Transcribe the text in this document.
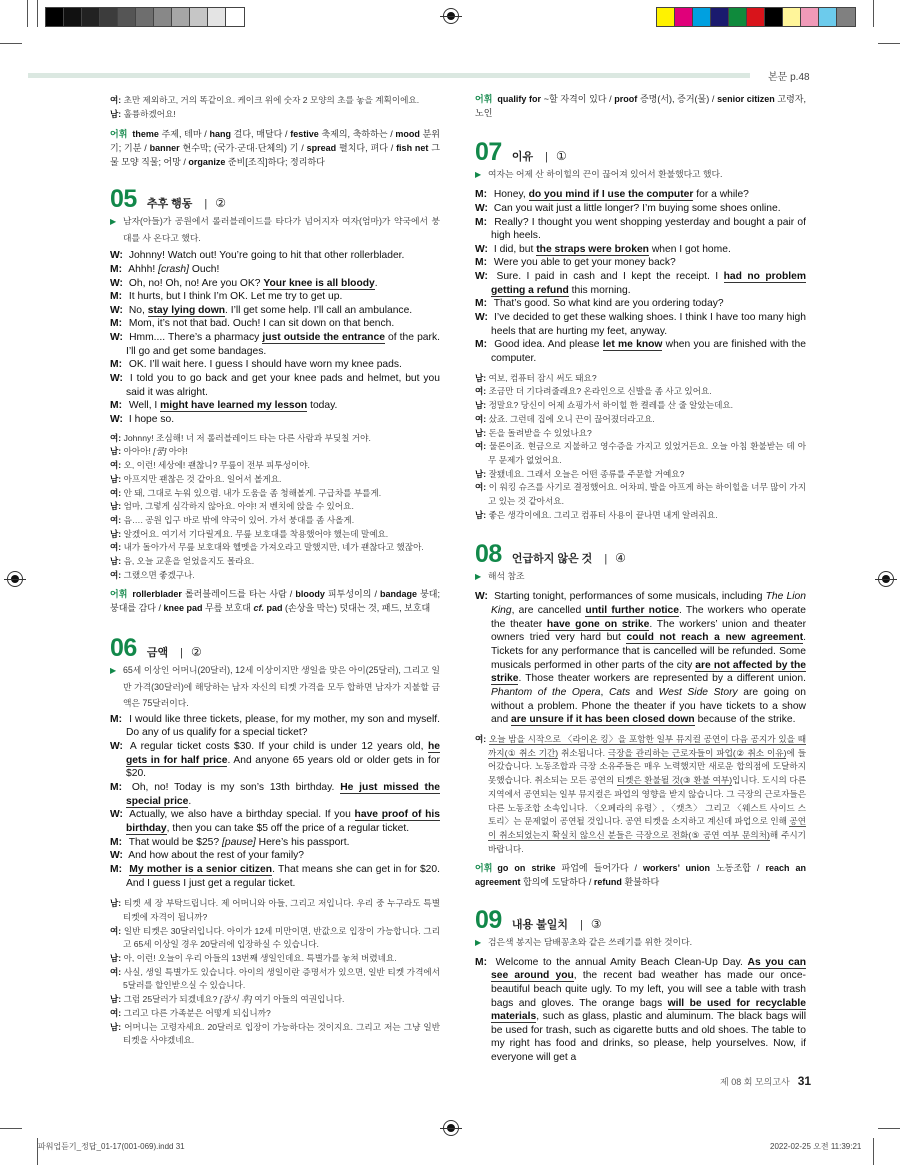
본문 p.48
여: 초만 제외하고, 거의 똑같이요. 케이크 위에 숫자 2 모양의 초를 놓을 계획이에요.
남: 훌륭하겠어요!
어휘 theme 주제, 테마 / hang 걸다, 매달다 / festive 축제의, 축하하는 / mood 분위기; 기분 / banner 현수막; (국가·군대·단체의) 기 / spread 펼치다, 펴다 / fish net 그물 모양 직물; 어망 / organize 준비[조직]하다; 정리하다
05 추후 행동 | ②
▶ 남자(아들)가 공원에서 롤러블레이드를 타다가 넘어지자 여자(엄마)가 약국에서 붕대를 사 온다고 했다.
W: Johnny! Watch out! You’re going to hit that other rollerblader.
M: Ahhh! [crash] Ouch!
W: Oh, no! Oh, no! Are you OK? Your knee is all bloody.
M: It hurts, but I think I’m OK. Let me try to get up.
W: No, stay lying down. I’ll get some help. I’ll call an ambulance.
M: Mom, it’s not that bad. Ouch! I can sit down on that bench.
W: Hmm.... There’s a pharmacy just outside the entrance of the park. I’ll go and get some bandages.
M: OK. I’ll wait here. I guess I should have worn my knee pads.
W: I told you to go back and get your knee pads and helmet, but you said it was alright.
M: Well, I might have learned my lesson today.
W: I hope so.
여: Johnny! 조심해! 너 저 롤러블레이드 타는 다른 사람과 부딪칠 거야.
남: 아아아! [쿵] 아야!
여: 오, 이런! 세상에! 괜찮니? 무릎이 전부 피투성이야.
남: 아프지만 괜찮은 것 같아요. 일어서 볼게요.
여: 안 돼, 그대로 누워 있으렴. 내가 도움을 좀 청해볼게. 구급차를 부를게.
남: 엄마, 그렇게 심각하지 않아요. 아야! 저 벤치에 앉을 수 있어요.
여: 음…. 공원 입구 바로 밖에 약국이 있어. 가서 붕대를 좀 사올게.
남: 알겠어요. 여기서 기다릴게요. 무릎 보호대를 착용했어야 했는데 말예요.
여: 내가 돌아가서 무릎 보호대와 헬멧을 가져오라고 말했지만, 네가 괜찮다고 했잖아.
남: 음, 오늘 교훈을 얻었을지도 몰라요.
여: 그랬으면 좋겠구나.
어휘 rollerblader 롤러블레이드를 타는 사람 / bloody 피투성이의 / bandage 붕대; 붕대를 감다 / knee pad 무릎 보호대 cf. pad (손상을 막는) 덧대는 것, 패드, 보호대
06 금액 | ②
▶ 65세 이상인 어머니(20달러), 12세 이상이지만 생일을 맞은 아이(25달러), 그리고 일반 가격(30달러)에 해당하는 남자 자신의 티켓 가격을 모두 합하면 남자가 지불할 금액은 75달러이다.
M: I would like three tickets, please, for my mother, my son and myself. Do any of us qualify for a special ticket?
W: A regular ticket costs $30. If your child is under 12 years old, he gets in for half price. And anyone 65 years old or older gets in for $20.
M: Oh, no! Today is my son’s 13th birthday. He just missed the special price.
W: Actually, we also have a birthday special. If you have proof of his birthday, then you can take $5 off the price of a regular ticket.
M: That would be $25? [pause] Here’s his passport.
W: And how about the rest of your family?
M: My mother is a senior citizen. That means she can get in for $20. And I guess I just get a regular ticket.
남: 티켓 세 장 부탁드립니다. 제 어머니와 아들, 그리고 저입니다. 우리 중 누구라도 특별 티켓에 자격이 됩니까?
여: 일반 티켓은 30달러입니다. 아이가 12세 미만이면, 반값으로 입장이 가능합니다. 그리고 65세 이상일 경우 20달러에 입장하실 수 있습니다.
남: 아, 이런! 오늘이 우리 아들의 13번째 생일인데요. 특별가를 놓쳐 버렸네요.
여: 사실, 생일 특별가도 있습니다. 아이의 생일이란 증명서가 있으면, 일반 티켓 가격에서 5달러를 할인받으실 수 있습니다.
남: 그럼 25달러가 되겠네요? [잠시 후] 여기 아들의 여권입니다.
여: 그리고 다른 가족분은 어떻게 되십니까?
남: 어머니는 고령자세요. 20달러로 입장이 가능하다는 것이지요. 그리고 저는 그냥 일반 티켓을 사야겠네요.
어휘 qualify for ~할 자격이 있다 / proof 증명(서), 증거(물) / senior citizen 고령자, 노인
07 이유 | ①
▶ 여자는 어제 산 하이힐의 끈이 끊어져 있어서 환불했다고 했다.
M: Honey, do you mind if I use the computer for a while?
W: Can you wait just a little longer? I’m buying some shoes online.
M: Really? I thought you went shopping yesterday and bought a pair of high heels.
W: I did, but the straps were broken when I got home.
M: Were you able to get your money back?
W: Sure. I paid in cash and I kept the receipt. I had no problem getting a refund this morning.
M: That’s good. So what kind are you ordering today?
W: I’ve decided to get these walking shoes. I think I have too many high heels that are hurting my feet, anyway.
M: Good idea. And please let me know when you are finished with the computer.
남: 여보, 컴퓨터 잠시 써도 돼요?
여: 조금만 더 기다려줄래요? 온라인으로 신발을 좀 사고 있어요.
남: 정말요? 당신이 어제 쇼핑가서 하이힐 한 켤레를 산 줄 알았는데요.
여: 샀죠. 그런데 집에 오니 끈이 끊어졌더라고요.
남: 돈을 돌려받을 수 있었나요?
여: 물론이죠. 현금으로 지불하고 영수증을 가지고 있었거든요. 오늘 아침 환불받는 데 아무 문제가 없었어요.
남: 잘됐네요. 그래서 오늘은 어떤 종류를 주문할 거예요?
여: 이 워킹 슈즈를 사기로 결정했어요. 어차피, 발을 아프게 하는 하이힐을 너무 많이 가지고 있는 것 같아서요.
남: 좋은 생각이에요. 그리고 컴퓨터 사용이 끝나면 내게 알려줘요.
08 언급하지 않은 것 | ④
▶ 해석 참조
W: Starting tonight, performances of some musicals, including The Lion King, are cancelled until further notice. The workers who operate the theater have gone on strike. The workers’ union and theater owners tried very hard but could not reach a new agreement. Tickets for any performance that is cancelled will be refunded. Some musicals performed in other parts of the city are not affected by the strike. Those theater workers are represented by a different union. Phantom of the Opera, Cats and West Side Story are going on without a problem. Phone the theater if you have tickets to a show and are unsure if it has been closed down because of the strike.
여: 오늘 밤을 시작으로 〈라이온 킹〉을 포함한 일부 뮤지컬 공연이 다음 공지가 있을 때까지(① 취소 기간) 취소됩니다. 극장을 관리하는 근로자들이 파업(② 취소 이유)에 들어갔습니다. 노동조합과 극장 소유주들은 매우 노력했지만 새로운 합의점에 도달하지 못했습니다. 취소되는 모든 공연의 티켓은 환불될 것(③ 환불 여부)입니다. 도시의 다른 지역에서 공연되는 일부 뮤지컬은 파업의 영향을 받지 않습니다. 그 극장의 근로자들은 다른 노동조합 소속입니다. 〈오페라의 유령〉, 〈캣츠〉 그리고 〈웨스트 사이드 스토리〉는 문제없이 공연될 것입니다. 공연 티켓을 소지하고 계신데 파업으로 인해 공연이 취소되었는지 확실치 않으신 분들은 극장으로 전화(⑤ 공연 여부 문의처)해 주시기 바랍니다.
어휘 go on strike 파업에 들어가다 / workers’ union 노동조합 / reach an agreement 합의에 도달하다 / refund 환불하다
09 내용 불일치 | ③
▶ 검은색 봉지는 담배꽁초와 같은 쓰레기를 위한 것이다.
M: Welcome to the annual Amity Beach Clean-Up Day. As you can see around you, the recent bad weather has made our once-beautiful beach quite ugly. To my left, you will see a table with trash bags and gloves. The orange bags will be used for recyclable materials, such as glass, plastic and aluminum. The black bags will be used for trash, such as cigarette butts and old shoes. The table to my right has food and drinks, so please, help yourselves. Now, if everyone will get a
제 08 회 모의고사 31
파워업듣기_정답_01-17(001-069).indd 31	2022-02-25 오전 11:39:21
